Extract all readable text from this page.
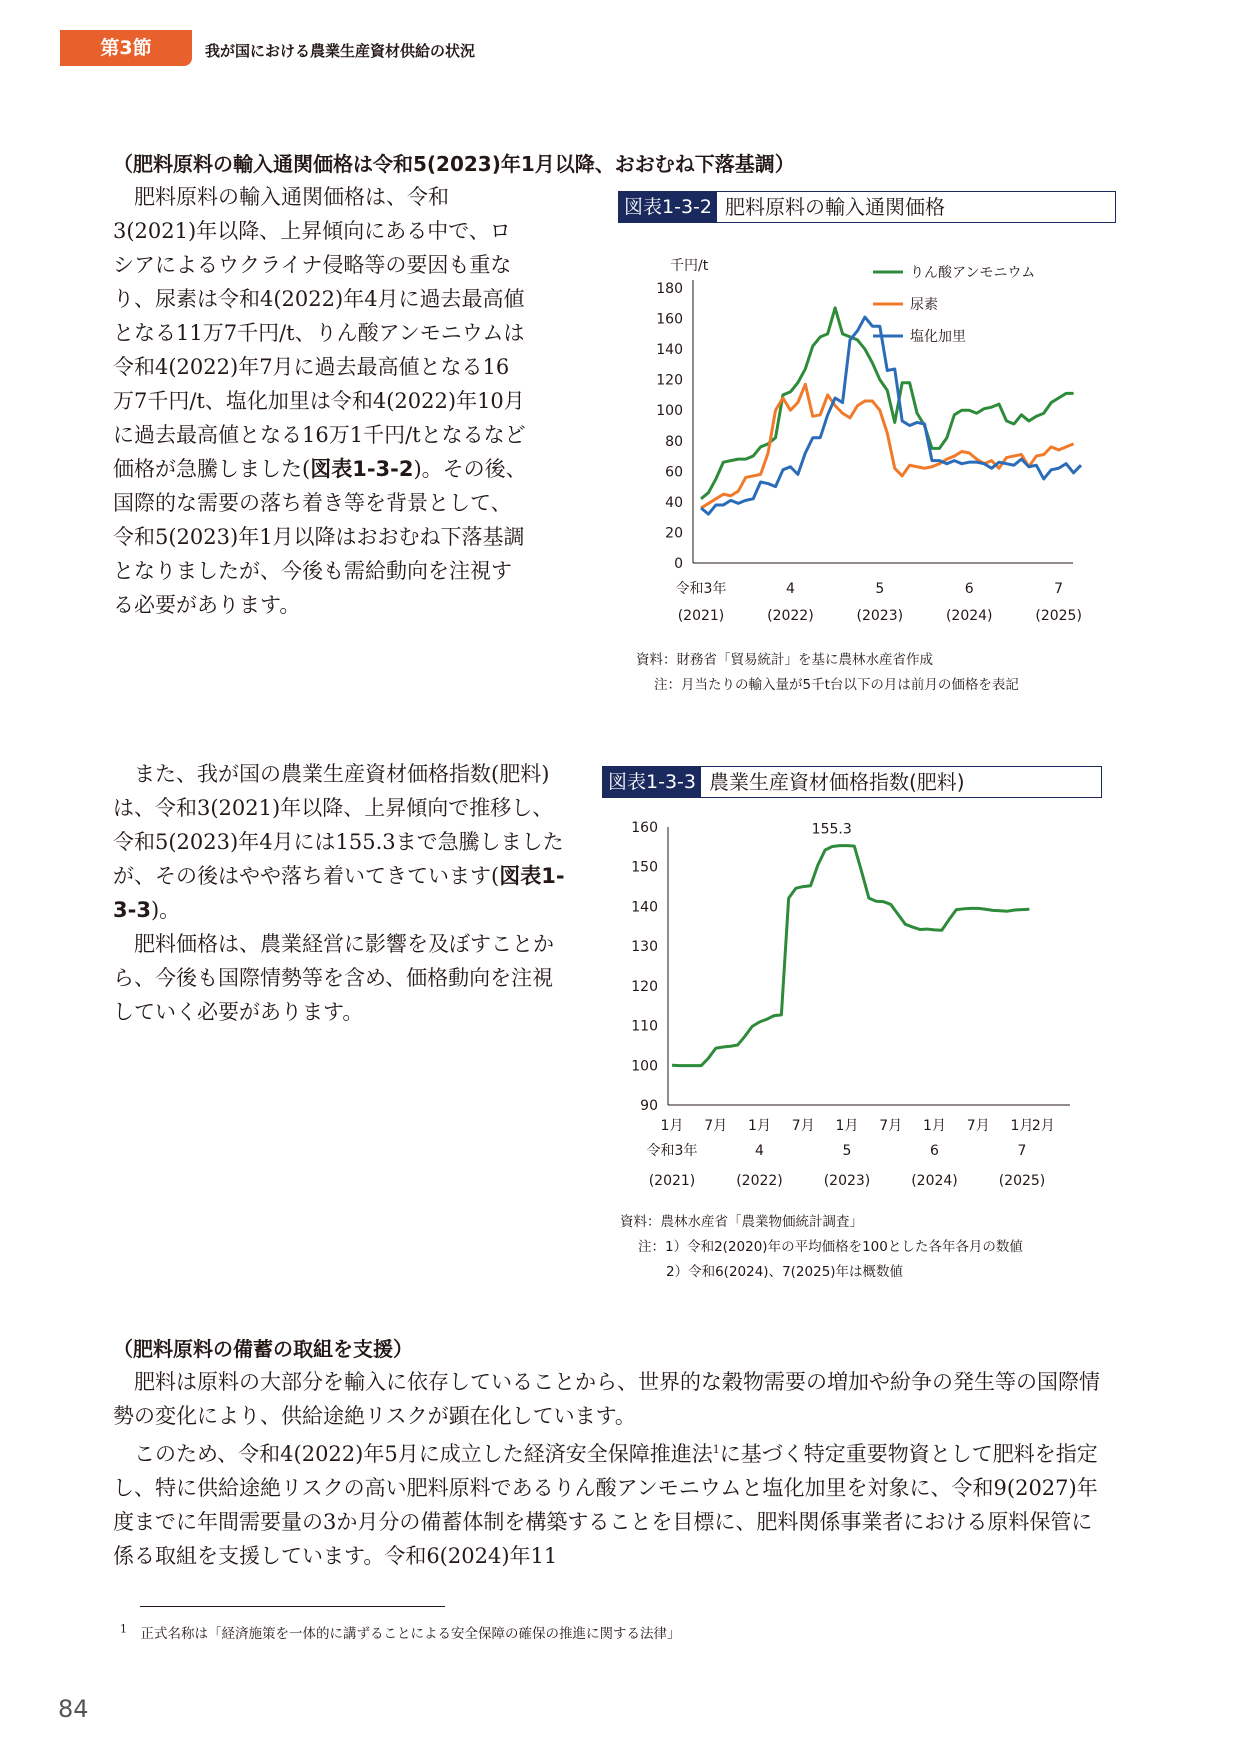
第3節	我が国における農業生産資材供給の状況
（肥料原料の輸入通関価格は令和5(2023)年1月以降、おおむね下落基調）

肥料原料の輸入通関価格は、令和3(2021)年以降、上昇傾向にある中で、ロシアによるウクライナ侵略等の要因も重なり、尿素は令和4(2022)年4月に過去最高値となる11万7千円/t、りん酸アンモニウムは令和4(2022)年7月に過去最高値となる16万7千円/t、塩化加里は令和4(2022)年10月に過去最高値となる16万1千円/tとなるなど価格が急騰しました(図表1-3-2)。その後、国際的な需要の落ち着き等を背景として、令和5(2023)年1月以降はおおむね下落基調となりましたが、今後も需給動向を注視する必要があります。

図表1-3-2 肥料原料の輸入通関価格
0
20
40
60
80
100
120
140
160
180
千円/t
令和3年
(2021)
4
(2022)
5
(2023)
6
(2024)
7
(2025)
りん酸アンモニウム
尿素
塩化加里
資料：財務省「貿易統計」を基に農林水産省作成
注：月当たりの輸入量が5千t台以下の月は前月の価格を表記

また、我が国の農業生産資材価格指数(肥料)は、令和3(2021)年以降、上昇傾向で推移し、令和5(2023)年4月には155.3まで急騰しましたが、その後はやや落ち着いてきています(図表1-3-3)。

肥料価格は、農業経営に影響を及ぼすことから、今後も国際情勢等を含め、価格動向を注視していく必要があります。

図表1-3-3 農業生産資材価格指数(肥料)
90
100
110
120
130
140
150
160
1月 7月 1月 7月 1月 7月 1月 7月 1月
2月
令和3年
(2021)
4
(2022)
5
(2023)
6
(2024)
7
(2025)
155.3
資料：農林水産省「農業物価統計調査」
注：1）令和2(2020)年の平均価格を100とした各年各月の数値
2）令和6(2024)、7(2025)年は概数値
（肥料原料の備蓄の取組を支援）

肥料は原料の大部分を輸入に依存していることから、世界的な穀物需要の増加や紛争の発生等の国際情勢の変化により、供給途絶リスクが顕在化しています。

このため、令和4(2022)年5月に成立した経済安全保障推進法$^1$に基づく特定重要物資として肥料を指定し、特に供給途絶リスクの高い肥料原料であるりん酸アンモニウムと塩化加里を対象に、令和9(2027)年度までに年間需要量の3か月分の備蓄体制を構築することを目標に、肥料関係事業者における原料保管に係る取組を支援しています。令和6(2024)年11

$^1$　 正式名称は「経済施策を一体的に講ずることによる安全保障の確保の推進に関する法律」
84
